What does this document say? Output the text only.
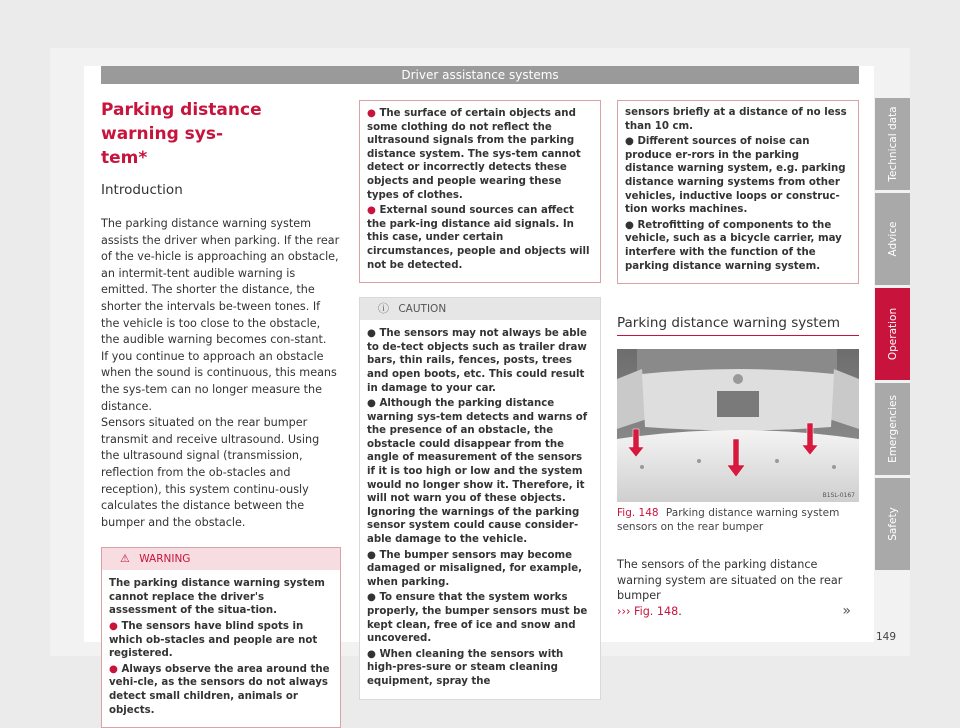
Driver assistance systems
Parking distance warning sys-
tem*
Introduction

The parking distance warning system assists the driver when parking. If the rear of the ve-hicle is approaching an obstacle, an intermit-tent audible warning is emitted. The shorter the distance, the shorter the intervals be-tween tones. If the vehicle is too close to the obstacle, the audible warning becomes con-stant.

If you continue to approach an obstacle when the sound is continuous, this means the sys-tem can no longer measure the distance.

Sensors situated on the rear bumper transmit and receive ultrasound. Using the ultrasound signal (transmission, reflection from the ob-stacles and reception), this system continu-ously calculates the distance between the bumper and the obstacle.

⚠ WARNING

The parking distance warning system cannot replace the driver's assessment of the situa-tion.

● The sensors have blind spots in which ob-stacles and people are not registered.

● Always observe the area around the vehi-cle, as the sensors do not always detect small children, animals or objects.

● The surface of certain objects and some clothing do not reflect the ultrasound signals from the parking distance system. The sys-tem cannot detect or incorrectly detects these objects and people wearing these types of clothes.

● External sound sources can affect the park-ing distance aid signals. In this case, under certain circumstances, people and objects will not be detected.

ⓘ CAUTION

● The sensors may not always be able to de-tect objects such as trailer draw bars, thin rails, fences, posts, trees and open boots, etc. This could result in damage to your car.

● Although the parking distance warning sys-tem detects and warns of the presence of an obstacle, the obstacle could disappear from the angle of measurement of the sensors if it is too high or low and the system would no longer show it. Therefore, it will not warn you of these objects. Ignoring the warnings of the parking sensor system could cause consider-able damage to the vehicle.

● The bumper sensors may become damaged or misaligned, for example, when parking.

● To ensure that the system works properly, the bumper sensors must be kept clean, free of ice and snow and uncovered.

● When cleaning the sensors with high-pres-sure or steam cleaning equipment, spray the

sensors briefly at a distance of no less than 10 cm.

● Different sources of noise can produce er-rors in the parking distance warning system, e.g. parking distance warning systems from other vehicles, inductive loops or construc-tion works machines.

● Retrofitting of components to the vehicle, such as a bicycle carrier, may interfere with the function of the parking distance warning system.

Parking distance warning system
B1SL-0167
Fig. 148 Parking distance warning system sensors on the rear bumper

The sensors of the parking distance warning system are situated on the rear bumper
››› Fig. 148.	»
Technical data
Advice
Operation
Emergencies
Safety
149
